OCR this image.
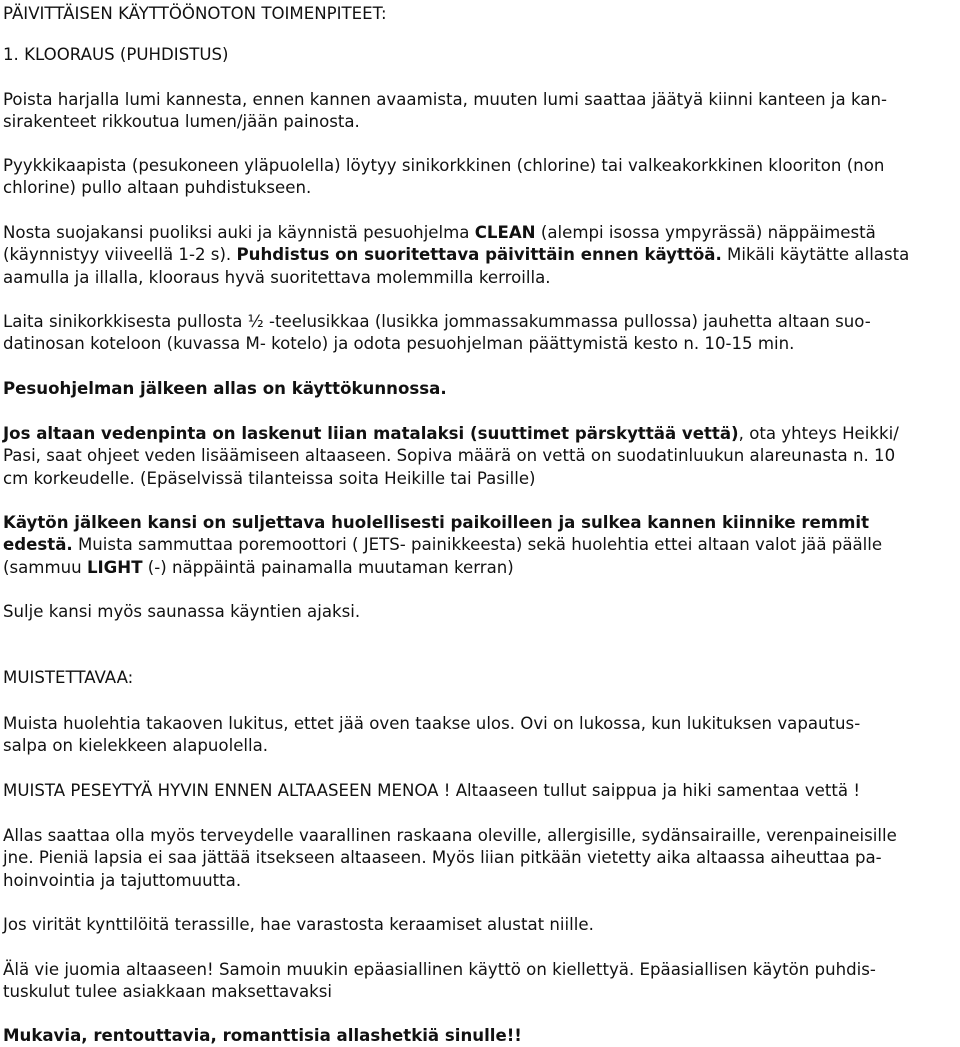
PÄIVITTÄISEN KÄYTTÖÖNOTON TOIMENPITEET:

1. KLOORAUS (PUHDISTUS)

Poista harjalla lumi kannesta, ennen kannen avaamista, muuten lumi saattaa jäätyä kiinni kanteen ja kan-
sirakenteet rikkoutua lumen/jään painosta.

Pyykkikaapista (pesukoneen yläpuolella) löytyy sinikorkkinen (chlorine) tai valkeakorkkinen klooriton (non
chlorine) pullo altaan puhdistukseen.

Nosta suojakansi puoliksi auki ja käynnistä pesuohjelma CLEAN (alempi isossa ympyrässä) näppäimestä
(käynnistyy viiveellä 1-2 s). Puhdistus on suoritettava päivittäin ennen käyttöä. Mikäli käytätte allasta
aamulla ja illalla, klooraus hyvä suoritettava molemmilla kerroilla.

Laita sinikorkkisesta pullosta ½ -teelusikkaa (lusikka jommassakummassa pullossa) jauhetta altaan suo-
datinosan koteloon (kuvassa M- kotelo) ja odota pesuohjelman päättymistä kesto n. 10-15 min.

Pesuohjelman jälkeen allas on käyttökunnossa.

Jos altaan vedenpinta on laskenut liian matalaksi (suuttimet pärskyttää vettä), ota yhteys Heikki/
Pasi, saat ohjeet veden lisäämiseen altaaseen. Sopiva määrä on vettä on suodatinluukun alareunasta n. 10
cm korkeudelle. (Epäselvissä tilanteissa soita Heikille tai Pasille)

Käytön jälkeen kansi on suljettava huolellisesti paikoilleen ja sulkea kannen kiinnike remmit
edestä. Muista sammuttaa poremoottori ( JETS- painikkeesta) sekä huolehtia ettei altaan valot jää päälle
(sammuu LIGHT (-) näppäintä painamalla muutaman kerran)

Sulje kansi myös saunassa käyntien ajaksi.

MUISTETTAVAA:

Muista huolehtia takaoven lukitus, ettet jää oven taakse ulos. Ovi on lukossa, kun lukituksen vapautus-
salpa on kielekkeen alapuolella.

MUISTA PESEYTYÄ HYVIN ENNEN ALTAASEEN MENOA ! Altaaseen tullut saippua ja hiki samentaa vettä !

Allas saattaa olla myös terveydelle vaarallinen raskaana oleville, allergisille, sydänsairaille, verenpaineisille
jne. Pieniä lapsia ei saa jättää itsekseen altaaseen. Myös liian pitkään vietetty aika altaassa aiheuttaa pa-
hoinvointia ja tajuttomuutta.

Jos virität kynttilöitä terassille, hae varastosta keraamiset alustat niille.

Älä vie juomia altaaseen! Samoin muukin epäasiallinen käyttö on kiellettyä. Epäasiallisen käytön puhdis-
tuskulut tulee asiakkaan maksettavaksi

Mukavia, rentouttavia, romanttisia allashetkiä sinulle!!
